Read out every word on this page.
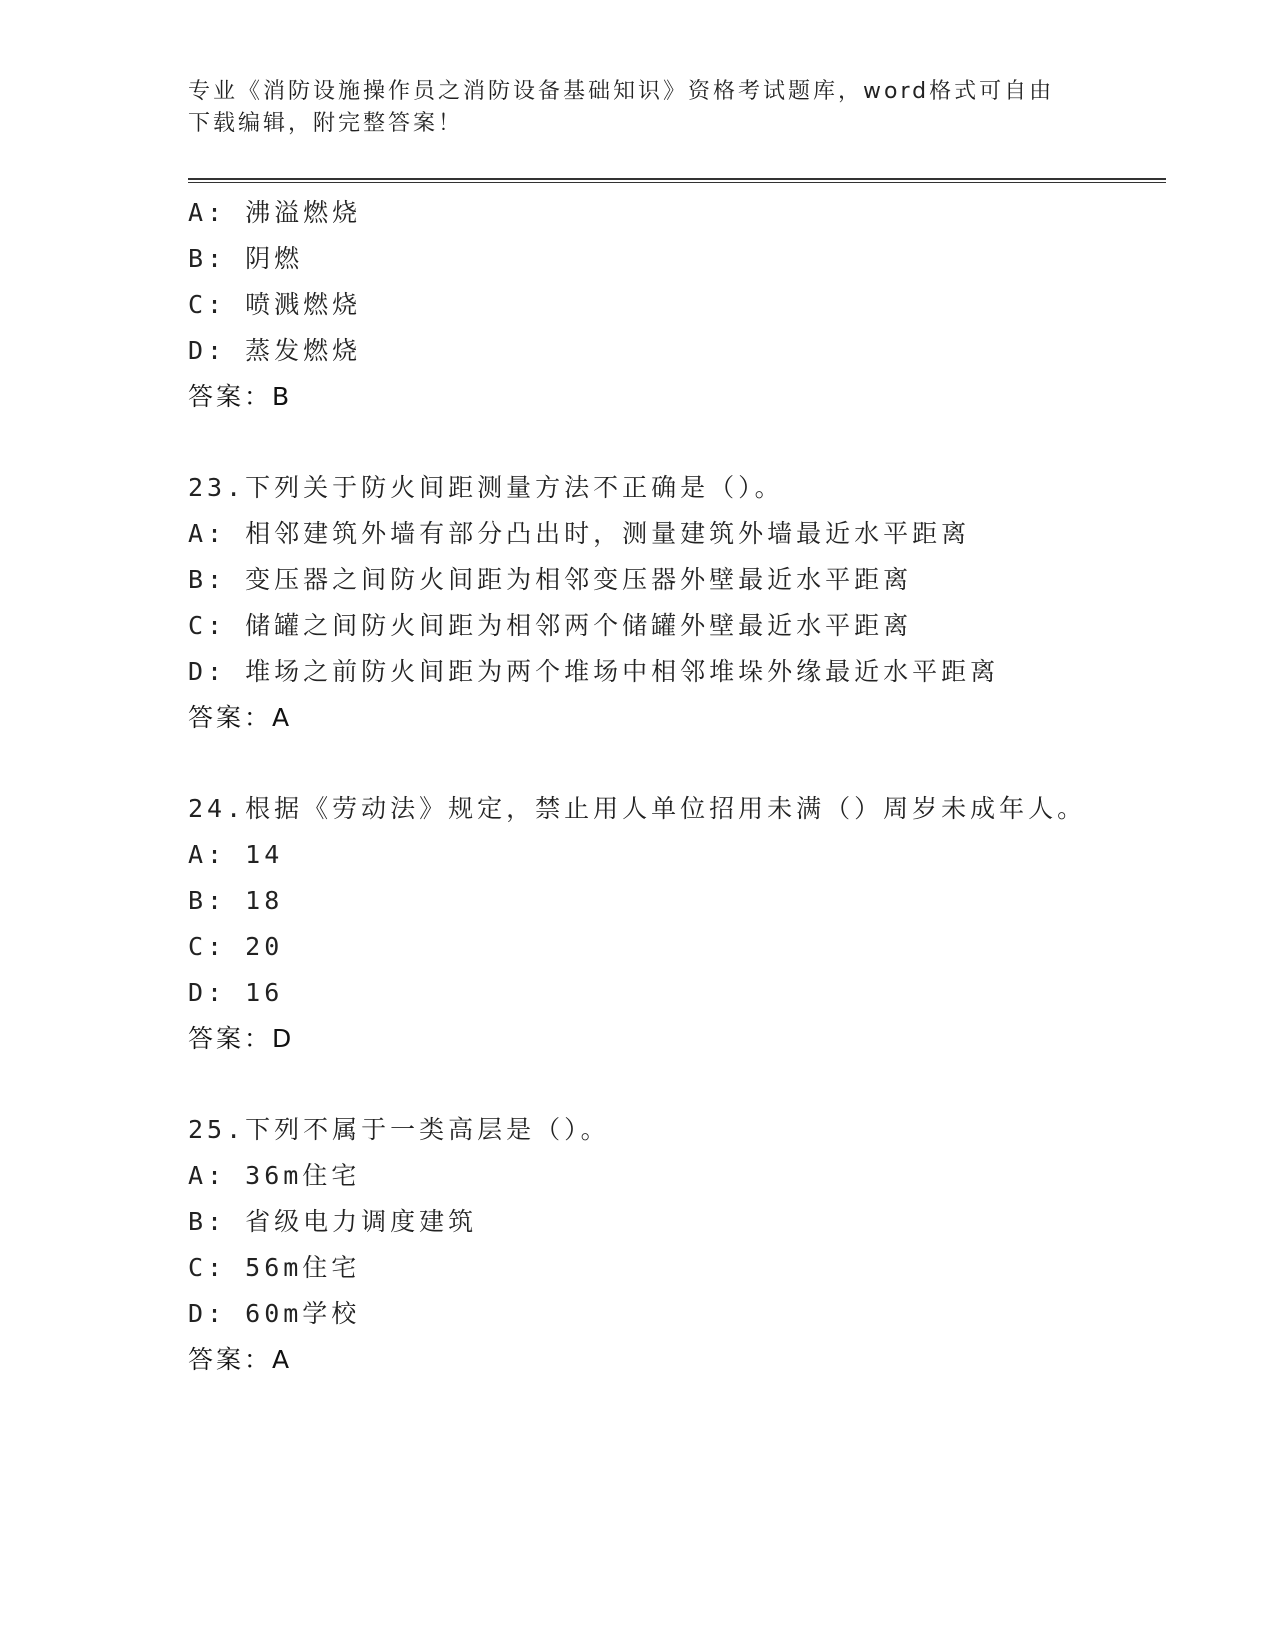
专业《消防设施操作员之消防设备基础知识》资格考试题库，word格式可自由下载编辑，附完整答案！
A: 沸溢燃烧
B: 阴燃
C: 喷溅燃烧
D: 蒸发燃烧
答案：B
23.下列关于防火间距测量方法不正确是（）。
A: 相邻建筑外墙有部分凸出时，测量建筑外墙最近水平距离
B: 变压器之间防火间距为相邻变压器外壁最近水平距离
C: 储罐之间防火间距为相邻两个储罐外壁最近水平距离
D: 堆场之前防火间距为两个堆场中相邻堆垛外缘最近水平距离
答案：A
24.根据《劳动法》规定，禁止用人单位招用未满（）周岁未成年人。
A: 14
B: 18
C: 20
D: 16
答案：D
25.下列不属于一类高层是（）。
A: 36m住宅
B: 省级电力调度建筑
C: 56m住宅
D: 60m学校
答案：A
